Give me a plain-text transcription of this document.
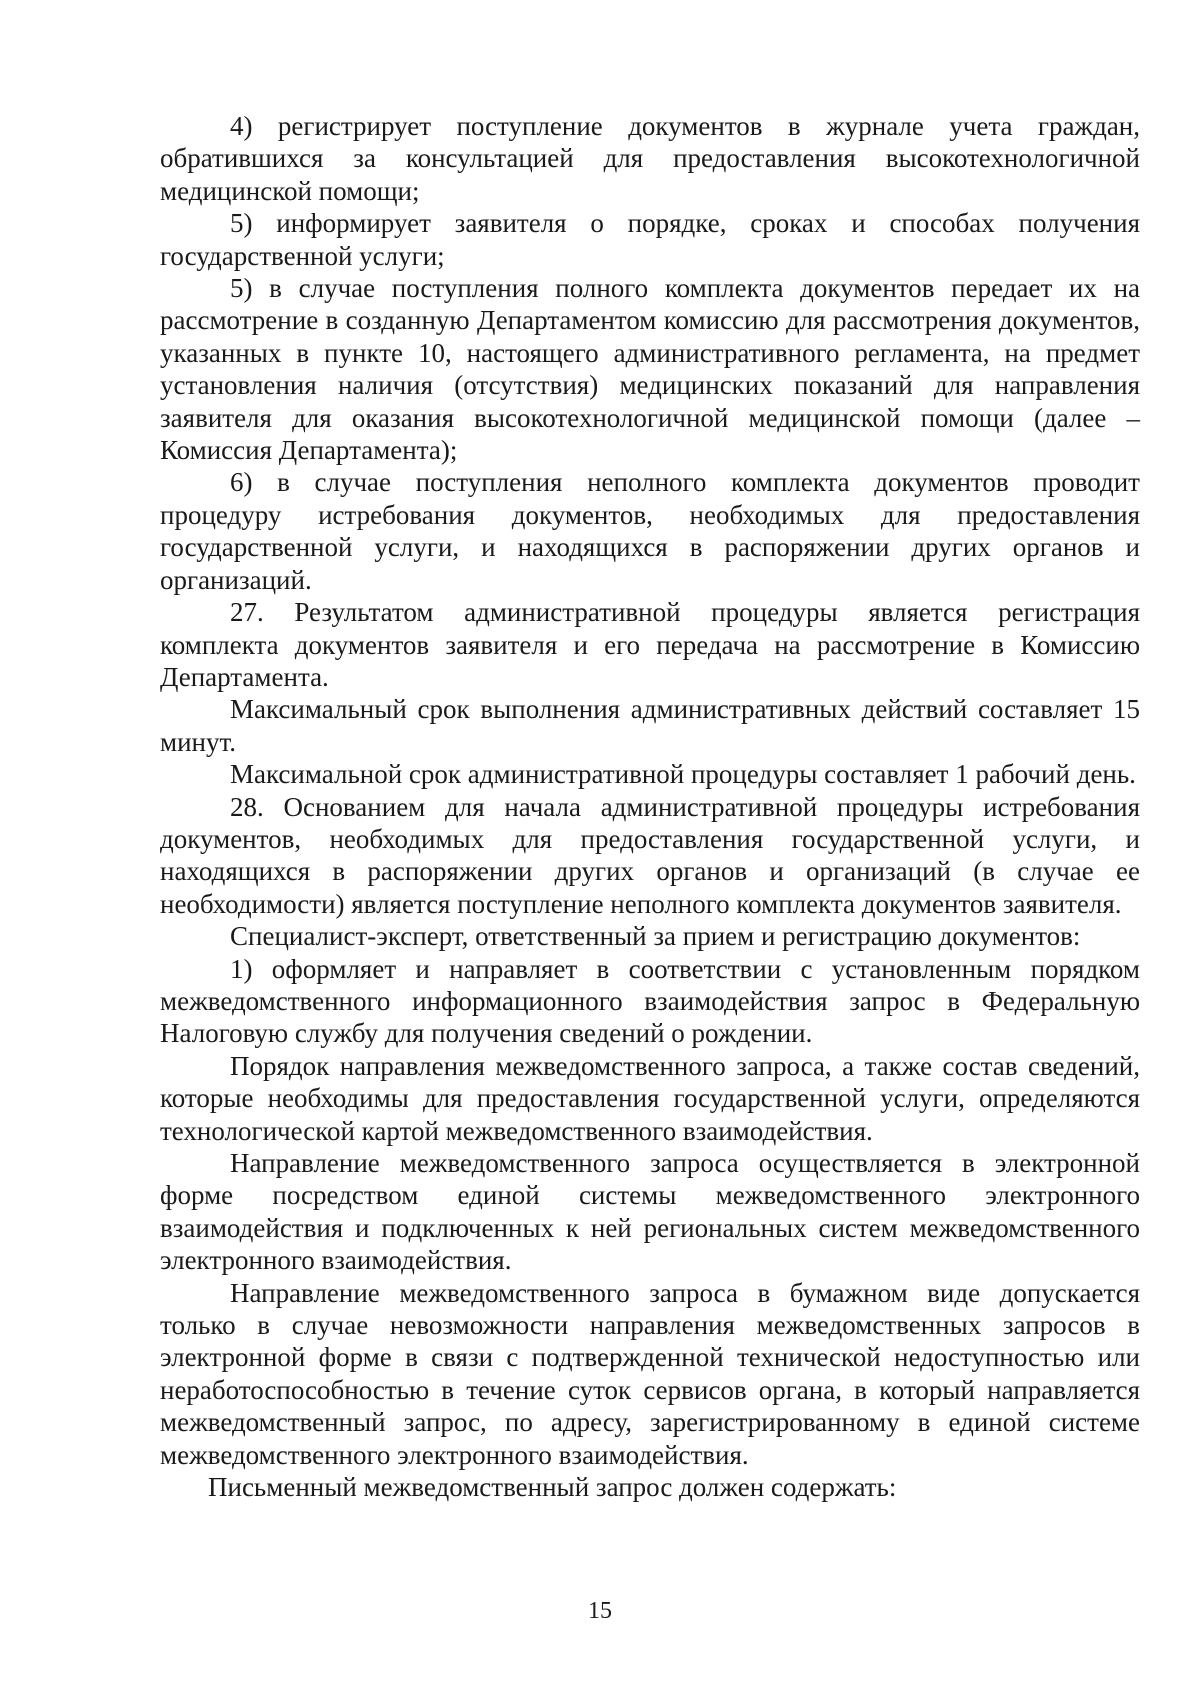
4) регистрирует поступление документов в журнале учета граждан, обратившихся за консультацией для предоставления высокотехнологичной медицинской помощи;

5) информирует заявителя о порядке, сроках и способах получения государственной услуги;

5) в случае поступления полного комплекта документов передает их на рассмотрение в созданную Департаментом комиссию для рассмотрения документов, указанных в пункте 10, настоящего административного регламента, на предмет установления наличия (отсутствия) медицинских показаний для направления заявителя для оказания высокотехнологичной медицинской помощи (далее – Комиссия Департамента);

6) в случае поступления неполного комплекта документов проводит процедуру истребования документов, необходимых для предоставления государственной услуги, и находящихся в распоряжении других органов и организаций.

27. Результатом административной процедуры является регистрация комплекта документов заявителя и его передача на рассмотрение в Комиссию Департамента.

Максимальный срок выполнения административных действий составляет 15 минут.

Максимальной срок административной процедуры составляет 1 рабочий день.

28. Основанием для начала административной процедуры истребования документов, необходимых для предоставления государственной услуги, и находящихся в распоряжении других органов и организаций (в случае ее необходимости) является поступление неполного комплекта документов заявителя.

Специалист-эксперт, ответственный за прием и регистрацию документов:

1) оформляет и направляет в соответствии с установленным порядком межведомственного информационного взаимодействия запрос в Федеральную Налоговую службу для получения сведений о рождении.

Порядок направления межведомственного запроса, а также состав сведений, которые необходимы для предоставления государственной услуги, определяются технологической картой межведомственного взаимодействия.

Направление межведомственного запроса осуществляется в электронной форме посредством единой системы межведомственного электронного взаимодействия и подключенных к ней региональных систем межведомственного электронного взаимодействия.

Направление межведомственного запроса в бумажном виде допускается только в случае невозможности направления межведомственных запросов в электронной форме в связи с подтвержденной технической недоступностью или неработоспособностью в течение суток сервисов органа, в который направляется межведомственный запрос, по адресу, зарегистрированному в единой системе межведомственного электронного взаимодействия.

Письменный межведомственный запрос должен содержать:

15
